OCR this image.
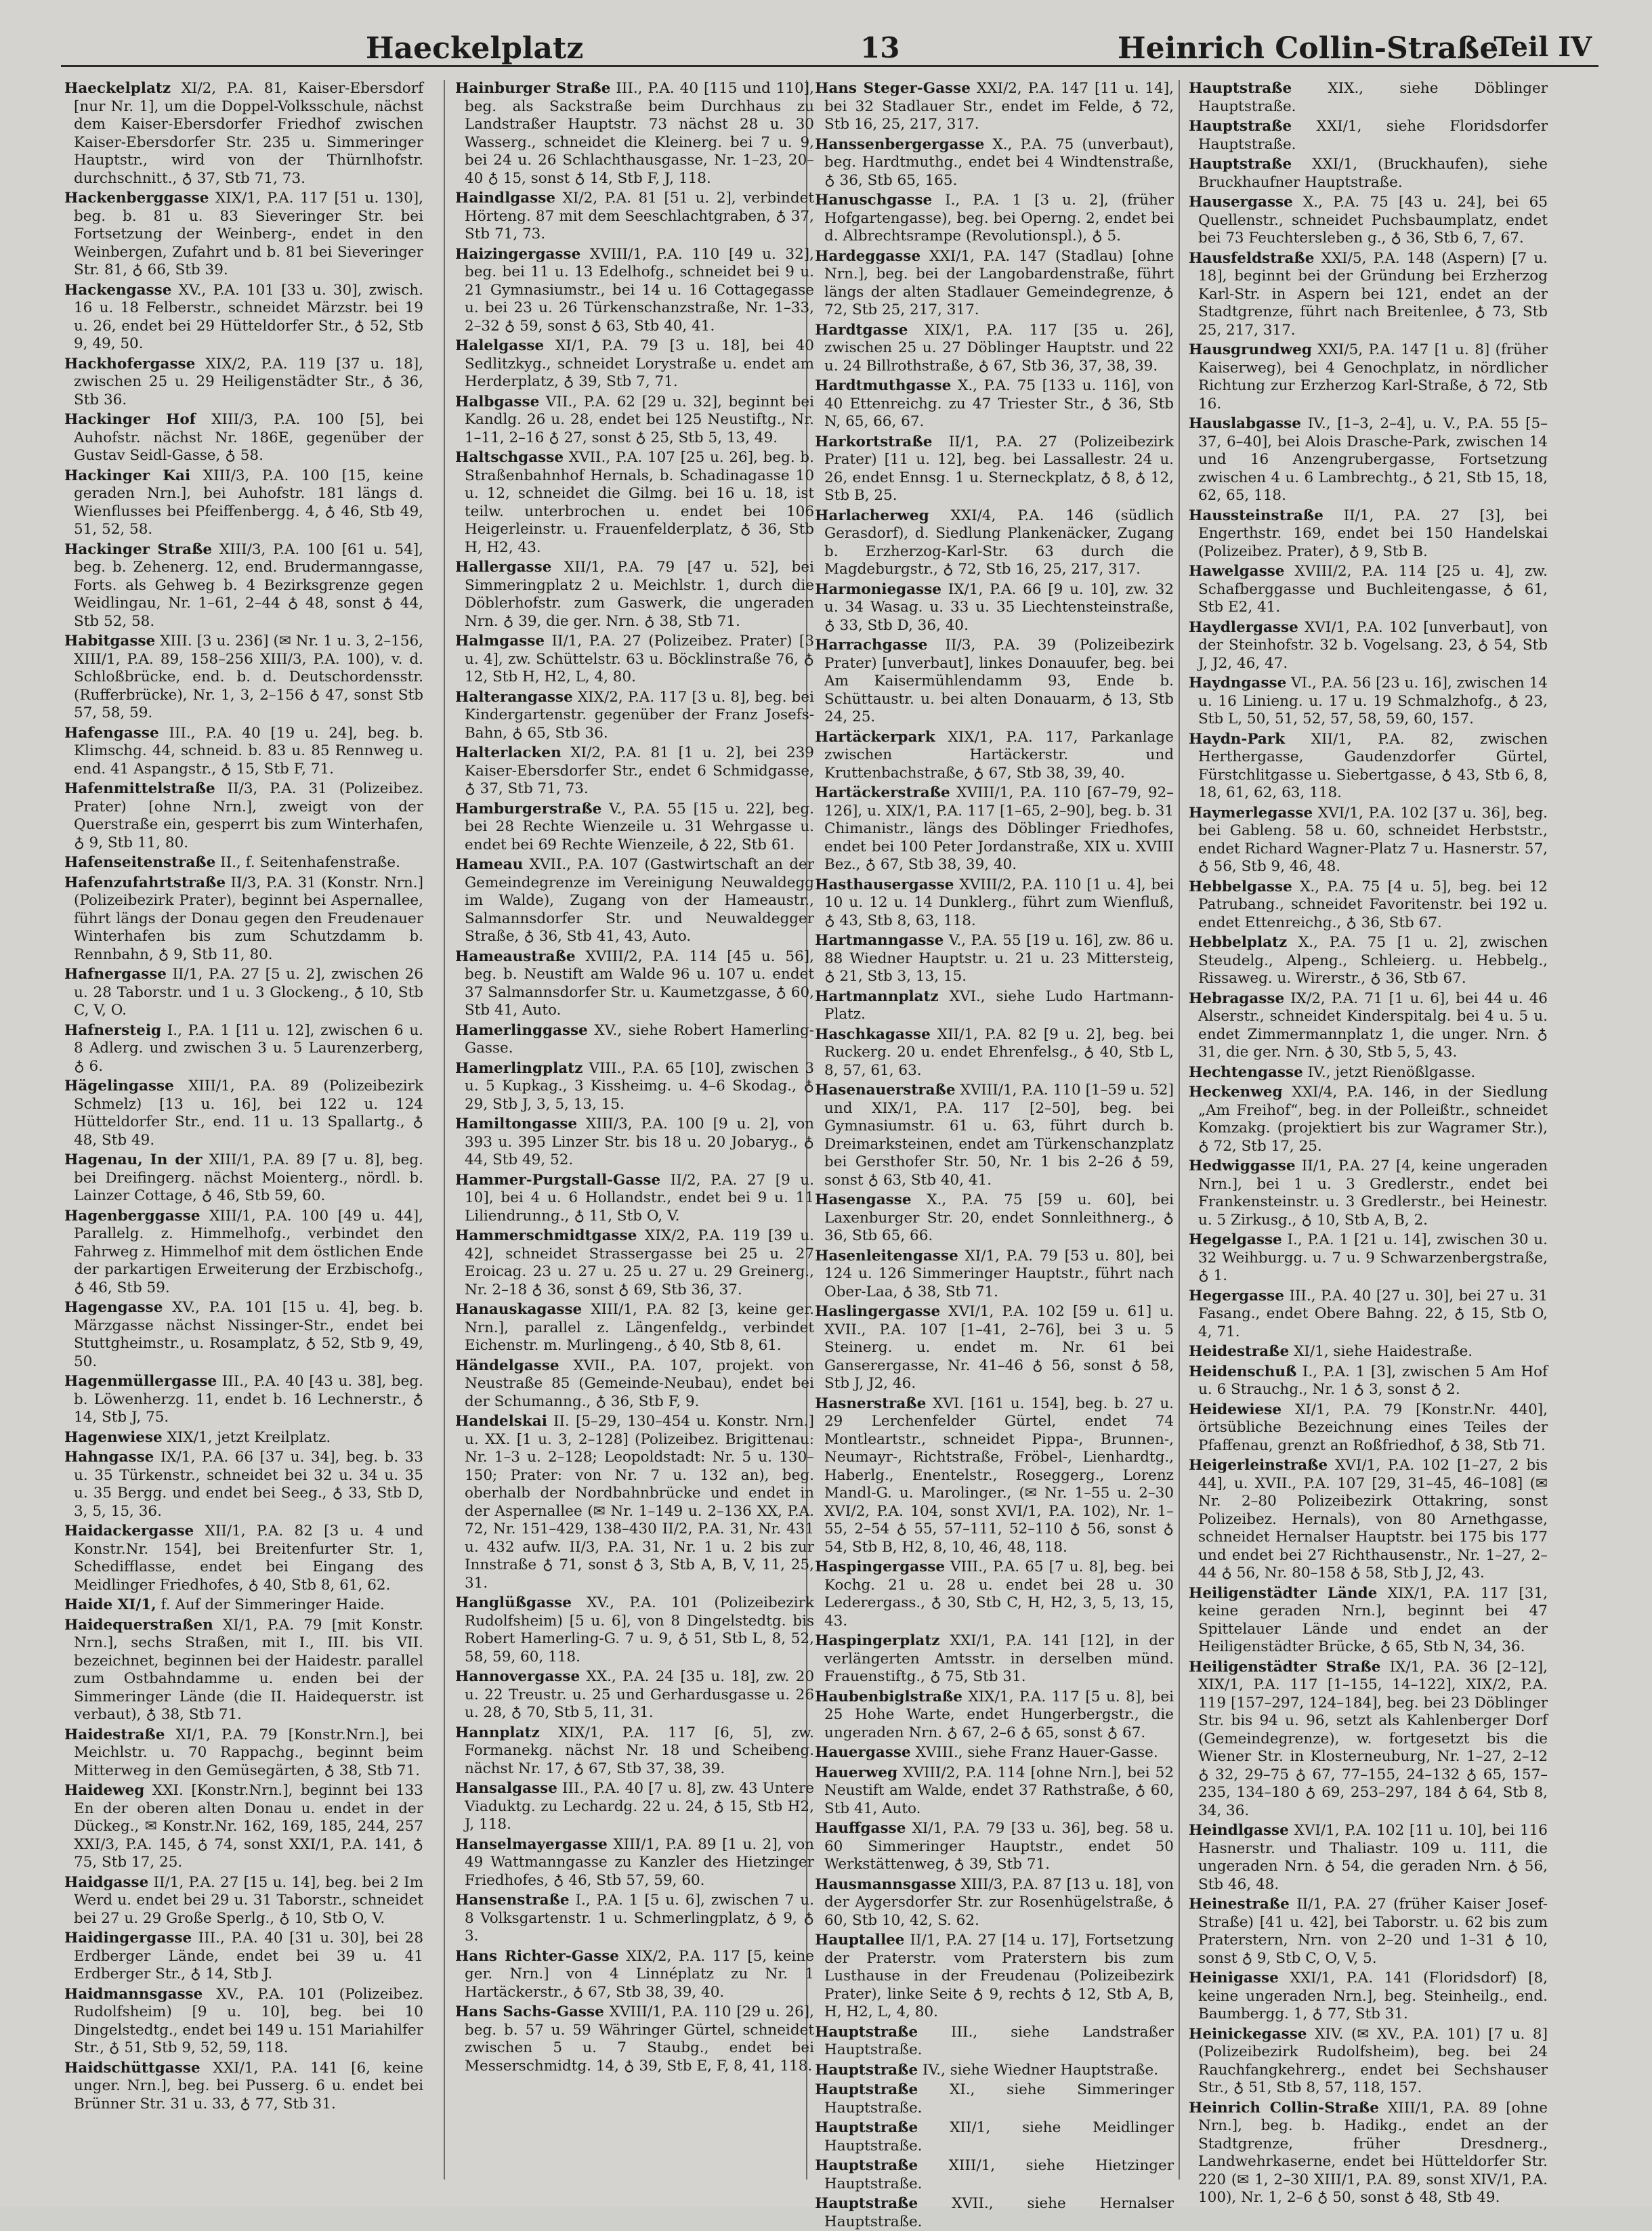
Haeckelplatz	13	Heinrich Collin-Straße
Teil IV
Haeckelplatz XI/2, P.A. 81, Kaiser-Ebersdorf [nur Nr. 1], um die Doppel-Volksschule, nächst dem Kaiser-Ebersdorfer Friedhof zwischen Kaiser-Ebersdorfer Str. 235 u. Simmeringer Hauptstr., wird von der Thürnlhofstr. durchschnitt., ♁ 37, Stb 71, 73.
Hackenberggasse XIX/1, P.A. 117 [51 u. 130], beg. b. 81 u. 83 Sieveringer Str. bei Fortsetzung der Weinberg-, endet in den Weinbergen, Zufahrt und b. 81 bei Sieveringer Str. 81, ♁ 66, Stb 39.
Hackengasse XV., P.A. 101 [33 u. 30], zwisch. 16 u. 18 Felberstr., schneidet Märzstr. bei 19 u. 26, endet bei 29 Hütteldorfer Str., ♁ 52, Stb 9, 49, 50.
Hackhofergasse XIX/2, P.A. 119 [37 u. 18], zwischen 25 u. 29 Heiligenstädter Str., ♁ 36, Stb 36.
Hackinger Hof XIII/3, P.A. 100 [5], bei Auhofstr. nächst Nr. 186E, gegenüber der Gustav Seidl-Gasse, ♁ 58.
Hackinger Kai XIII/3, P.A. 100 [15, keine geraden Nrn.], bei Auhofstr. 181 längs d. Wienflusses bei Pfeiffenbergg. 4, ♁ 46, Stb 49, 51, 52, 58.
Hackinger Straße XIII/3, P.A. 100 [61 u. 54], beg. b. Zehenerg. 12, end. Brudermanngasse, Forts. als Gehweg b. 4 Bezirksgrenze gegen Weidlingau, Nr. 1–61, 2–44 ♁ 48, sonst ♁ 44, Stb 52, 58.
Habitgasse XIII. [3 u. 236] (✉ Nr. 1 u. 3, 2–156, XIII/1, P.A. 89, 158–256 XIII/3, P.A. 100), v. d. Schloßbrücke, end. b. d. Deutschordensstr. (Rufferbrücke), Nr. 1, 3, 2–156 ♁ 47, sonst Stb 57, 58, 59.
Hafengasse III., P.A. 40 [19 u. 24], beg. b. Klimschg. 44, schneid. b. 83 u. 85 Rennweg u. end. 41 Aspangstr., ♁ 15, Stb F, 71.
Hafenmittelstraße II/3, P.A. 31 (Polizeibez. Prater) [ohne Nrn.], zweigt von der Querstraße ein, gesperrt bis zum Winterhafen, ♁ 9, Stb 11, 80.
Hafenseitenstraße II., f. Seitenhafenstraße.
Hafenzufahrtstraße II/3, P.A. 31 (Konstr. Nrn.] (Polizeibezirk Prater), beginnt bei Aspernallee, führt längs der Donau gegen den Freudenauer Winterhafen bis zum Schutzdamm b. Rennbahn, ♁ 9, Stb 11, 80.
Hafnergasse II/1, P.A. 27 [5 u. 2], zwischen 26 u. 28 Taborstr. und 1 u. 3 Glockeng., ♁ 10, Stb C, V, O.
Hafnersteig I., P.A. 1 [11 u. 12], zwischen 6 u. 8 Adlerg. und zwischen 3 u. 5 Laurenzerberg, ♁ 6.
Hägelingasse XIII/1, P.A. 89 (Polizeibezirk Schmelz) [13 u. 16], bei 122 u. 124 Hütteldorfer Str., end. 11 u. 13 Spallartg., ♁ 48, Stb 49.
Hagenau, In der XIII/1, P.A. 89 [7 u. 8], beg. bei Dreifingerg. nächst Moienterg., nördl. b. Lainzer Cottage, ♁ 46, Stb 59, 60.
Hagenberggasse XIII/1, P.A. 100 [49 u. 44], Parallelg. z. Himmelhofg., verbindet den Fahrweg z. Himmelhof mit dem östlichen Ende der parkartigen Erweiterung der Erzbischofg., ♁ 46, Stb 59.
Hagengasse XV., P.A. 101 [15 u. 4], beg. b. Märzgasse nächst Nissinger-Str., endet bei Stuttgheimstr., u. Rosamplatz, ♁ 52, Stb 9, 49, 50.
Hagenmüllergasse III., P.A. 40 [43 u. 38], beg. b. Löwenherzg. 11, endet b. 16 Lechnerstr., ♁ 14, Stb J, 75.
Hagenwiese XIX/1, jetzt Kreilplatz.
Hahngasse IX/1, P.A. 66 [37 u. 34], beg. b. 33 u. 35 Türkenstr., schneidet bei 32 u. 34 u. 35 u. 35 Bergg. und endet bei Seeg., ♁ 33, Stb D, 3, 5, 15, 36.
Haidackergasse XII/1, P.A. 82 [3 u. 4 und Konstr.Nr. 154], bei Breitenfurter Str. 1, Schedifflasse, endet bei Eingang des Meidlinger Friedhofes, ♁ 40, Stb 8, 61, 62.
Haide XI/1, f. Auf der Simmeringer Haide.
Haidequerstraßen XI/1, P.A. 79 [mit Konstr. Nrn.], sechs Straßen, mit I., III. bis VII. bezeichnet, beginnen bei der Haidestr. parallel zum Ostbahndamme u. enden bei der Simmeringer Lände (die II. Haidequerstr. ist verbaut), ♁ 38, Stb 71.
Haidestraße XI/1, P.A. 79 [Konstr.Nrn.], bei Meichlstr. u. 70 Rappachg., beginnt beim Mitterweg in den Gemüsegärten, ♁ 38, Stb 71.
Haideweg XXI. [Konstr.Nrn.], beginnt bei 133 En der oberen alten Donau u. endet in der Dückeg., ✉ Konstr.Nr. 162, 169, 185, 244, 257 XXI/3, P.A. 145, ♁ 74, sonst XXI/1, P.A. 141, ♁ 75, Stb 17, 25.
Haidgasse II/1, P.A. 27 [15 u. 14], beg. bei 2 Im Werd u. endet bei 29 u. 31 Taborstr., schneidet bei 27 u. 29 Große Sperlg., ♁ 10, Stb O, V.
Haidingergasse III., P.A. 40 [31 u. 30], bei 28 Erdberger Lände, endet bei 39 u. 41 Erdberger Str., ♁ 14, Stb J.
Haidmannsgasse XV., P.A. 101 (Polizeibez. Rudolfsheim) [9 u. 10], beg. bei 10 Dingelstedtg., endet bei 149 u. 151 Mariahilfer Str., ♁ 51, Stb 9, 52, 59, 118.
Haidschüttgasse XXI/1, P.A. 141 [6, keine unger. Nrn.], beg. bei Pusserg. 6 u. endet bei Brünner Str. 31 u. 33, ♁ 77, Stb 31.
Hainburger Straße III., P.A. 40 [115 und 110], beg. als Sackstraße beim Durchhaus zu Landstraßer Hauptstr. 73 nächst 28 u. 30 Wasserg., schneidet die Kleinerg. bei 7 u. 9, bei 24 u. 26 Schlachthausgasse, Nr. 1–23, 20–40 ♁ 15, sonst ♁ 14, Stb F, J, 118.
Haindlgasse XI/2, P.A. 81 [51 u. 2], verbindet Hörteng. 87 mit dem Seeschlachtgraben, ♁ 37, Stb 71, 73.
Haizingergasse XVIII/1, P.A. 110 [49 u. 32], beg. bei 11 u. 13 Edelhofg., schneidet bei 9 u. 21 Gymnasiumstr., bei 14 u. 16 Cottagegasse u. bei 23 u. 26 Türkenschanzstraße, Nr. 1–33, 2–32 ♁ 59, sonst ♁ 63, Stb 40, 41.
Halelgasse XI/1, P.A. 79 [3 u. 18], bei 40 Sedlitzkyg., schneidet Lorystraße u. endet am Herderplatz, ♁ 39, Stb 7, 71.
Halbgasse VII., P.A. 62 [29 u. 32], beginnt bei Kandlg. 26 u. 28, endet bei 125 Neustiftg., Nr. 1–11, 2–16 ♁ 27, sonst ♁ 25, Stb 5, 13, 49.
Haltschgasse XVII., P.A. 107 [25 u. 26], beg. b. Straßenbahnhof Hernals, b. Schadinagasse 10 u. 12, schneidet die Gilmg. bei 16 u. 18, ist teilw. unterbrochen u. endet bei 106 Heigerleinstr. u. Frauenfelderplatz, ♁ 36, Stb H, H2, 43.
Hallergasse XII/1, P.A. 79 [47 u. 52], bei Simmeringplatz 2 u. Meichlstr. 1, durch die Döblerhofstr. zum Gaswerk, die ungeraden Nrn. ♁ 39, die ger. Nrn. ♁ 38, Stb 71.
Halmgasse II/1, P.A. 27 (Polizeibez. Prater) [3 u. 4], zw. Schüttelstr. 63 u. Böcklinstraße 76, ♁ 12, Stb H, H2, L, 4, 80.
Halterangasse XIX/2, P.A. 117 [3 u. 8], beg. bei Kindergartenstr. gegenüber der Franz Josefs-Bahn, ♁ 65, Stb 36.
Halterlacken XI/2, P.A. 81 [1 u. 2], bei 239 Kaiser-Ebersdorfer Str., endet 6 Schmidgasse, ♁ 37, Stb 71, 73.
Hamburgerstraße V., P.A. 55 [15 u. 22], beg. bei 28 Rechte Wienzeile u. 31 Wehrgasse u. endet bei 69 Rechte Wienzeile, ♁ 22, Stb 61.
Hameau XVII., P.A. 107 (Gastwirtschaft an der Gemeindegrenze im Vereinigung Neuwaldegg im Walde), Zugang von der Hameaustr., Salmannsdorfer Str. und Neuwaldegger Straße, ♁ 36, Stb 41, 43, Auto.
Hameaustraße XVIII/2, P.A. 114 [45 u. 56], beg. b. Neustift am Walde 96 u. 107 u. endet 37 Salmannsdorfer Str. u. Kaumetzgasse, ♁ 60, Stb 41, Auto.
Hamerlinggasse XV., siehe Robert Hamerling-Gasse.
Hamerlingplatz VIII., P.A. 65 [10], zwischen 3 u. 5 Kupkag., 3 Kissheimg. u. 4–6 Skodag., ♁ 29, Stb J, 3, 5, 13, 15.
Hamiltongasse XIII/3, P.A. 100 [9 u. 2], von 393 u. 395 Linzer Str. bis 18 u. 20 Jobaryg., ♁ 44, Stb 49, 52.
Hammer-Purgstall-Gasse II/2, P.A. 27 [9 u. 10], bei 4 u. 6 Hollandstr., endet bei 9 u. 11 Liliendrunng., ♁ 11, Stb O, V.
Hammerschmidtgasse XIX/2, P.A. 119 [39 u. 42], schneidet Strassergasse bei 25 u. 27 Eroicag. 23 u. 27 u. 25 u. 27 u. 29 Greinerg., Nr. 2–18 ♁ 36, sonst ♁ 69, Stb 36, 37.
Hanauskagasse XIII/1, P.A. 82 [3, keine ger. Nrn.], parallel z. Längenfeldg., verbindet Eichenstr. m. Murlingeng., ♁ 40, Stb 8, 61.
Händelgasse XVII., P.A. 107, projekt. von Neustraße 85 (Gemeinde-Neubau), endet bei der Schumanng., ♁ 36, Stb F, 9.
Handelskai II. [5–29, 130–454 u. Konstr. Nrn.] u. XX. [1 u. 3, 2–128] (Polizeibez. Brigittenau: Nr. 1–3 u. 2–128; Leopoldstadt: Nr. 5 u. 130–150; Prater: von Nr. 7 u. 132 an), beg. oberhalb der Nordbahnbrücke und endet in der Aspernallee (✉ Nr. 1–149 u. 2–136 XX, P.A. 72, Nr. 151–429, 138–430 II/2, P.A. 31, Nr. 431 u. 432 aufw. II/3, P.A. 31, Nr. 1 u. 2 bis zur Innstraße ♁ 71, sonst ♁ 3, Stb A, B, V, 11, 25, 31.
Hanglüßgasse XV., P.A. 101 (Polizeibezirk Rudolfsheim) [5 u. 6], von 8 Dingelstedtg. bis Robert Hamerling-G. 7 u. 9, ♁ 51, Stb L, 8, 52, 58, 59, 60, 118.
Hannovergasse XX., P.A. 24 [35 u. 18], zw. 20 u. 22 Treustr. u. 25 und Gerhardusgasse u. 26 u. 28, ♁ 70, Stb 5, 11, 31.
Hannplatz XIX/1, P.A. 117 [6, 5], zw. Formanekg. nächst Nr. 18 und Scheibeng. nächst Nr. 17, ♁ 67, Stb 37, 38, 39.
Hansalgasse III., P.A. 40 [7 u. 8], zw. 43 Untere Viaduktg. zu Lechardg. 22 u. 24, ♁ 15, Stb H2, J, 118.
Hanselmayergasse XIII/1, P.A. 89 [1 u. 2], von 49 Wattmanngasse zu Kanzler des Hietzinger Friedhofes, ♁ 46, Stb 57, 59, 60.
Hansenstraße I., P.A. 1 [5 u. 6], zwischen 7 u. 8 Volksgartenstr. 1 u. Schmerlingplatz, ♁ 9, ♁ 3.
Hans Richter-Gasse XIX/2, P.A. 117 [5, keine ger. Nrn.] von 4 Linnéplatz zu Nr. 1 Hartäckerstr., ♁ 67, Stb 38, 39, 40.
Hans Sachs-Gasse XVIII/1, P.A. 110 [29 u. 26], beg. b. 57 u. 59 Währinger Gürtel, schneidet zwischen 5 u. 7 Staubg., endet bei Messerschmidtg. 14, ♁ 39, Stb E, F, 8, 41, 118.
Hans Steger-Gasse XXI/2, P.A. 147 [11 u. 14], bei 32 Stadlauer Str., endet im Felde, ♁ 72, Stb 16, 25, 217, 317.
Hanssenbergergasse X., P.A. 75 (unverbaut), beg. Hardtmuthg., endet bei 4 Windtenstraße, ♁ 36, Stb 65, 165.
Hanuschgasse I., P.A. 1 [3 u. 2], (früher Hofgartengasse), beg. bei Operng. 2, endet bei d. Albrechtsrampe (Revolutionspl.), ♁ 5.
Hardeggasse XXI/1, P.A. 147 (Stadlau) [ohne Nrn.], beg. bei der Langobardenstraße, führt längs der alten Stadlauer Gemeindegrenze, ♁ 72, Stb 25, 217, 317.
Hardtgasse XIX/1, P.A. 117 [35 u. 26], zwischen 25 u. 27 Döblinger Hauptstr. und 22 u. 24 Billrothstraße, ♁ 67, Stb 36, 37, 38, 39.
Hardtmuthgasse X., P.A. 75 [133 u. 116], von 40 Ettenreichg. zu 47 Triester Str., ♁ 36, Stb N, 65, 66, 67.
Harkortstraße II/1, P.A. 27 (Polizeibezirk Prater) [11 u. 12], beg. bei Lassallestr. 24 u. 26, endet Ennsg. 1 u. Sterneckplatz, ♁ 8, ♁ 12, Stb B, 25.
Harlacherweg XXI/4, P.A. 146 (südlich Gerasdorf), d. Siedlung Plankenäcker, Zugang b. Erzherzog-Karl-Str. 63 durch die Magdeburgstr., ♁ 72, Stb 16, 25, 217, 317.
Harmoniegasse IX/1, P.A. 66 [9 u. 10], zw. 32 u. 34 Wasag. u. 33 u. 35 Liechtensteinstraße, ♁ 33, Stb D, 36, 40.
Harrachgasse II/3, P.A. 39 (Polizeibezirk Prater) [unverbaut], linkes Donauufer, beg. bei Am Kaisermühlendamm 93, Ende b. Schüttaustr. u. bei alten Donauarm, ♁ 13, Stb 24, 25.
Hartäckerpark XIX/1, P.A. 117, Parkanlage zwischen Hartäckerstr. und Kruttenbachstraße, ♁ 67, Stb 38, 39, 40.
Hartäckerstraße XVIII/1, P.A. 110 [67–79, 92–126], u. XIX/1, P.A. 117 [1–65, 2–90], beg. b. 31 Chimanistr., längs des Döblinger Friedhofes, endet bei 100 Peter Jordanstraße, XIX u. XVIII Bez., ♁ 67, Stb 38, 39, 40.
Hasthausergasse XVIII/2, P.A. 110 [1 u. 4], bei 10 u. 12 u. 14 Dunklerg., führt zum Wienfluß, ♁ 43, Stb 8, 63, 118.
Hartmanngasse V., P.A. 55 [19 u. 16], zw. 86 u. 88 Wiedner Hauptstr. u. 21 u. 23 Mittersteig, ♁ 21, Stb 3, 13, 15.
Hartmannplatz XVI., siehe Ludo Hartmann-Platz.
Haschkagasse XII/1, P.A. 82 [9 u. 2], beg. bei Ruckerg. 20 u. endet Ehrenfelsg., ♁ 40, Stb L, 8, 57, 61, 63.
Hasenauerstraße XVIII/1, P.A. 110 [1–59 u. 52] und XIX/1, P.A. 117 [2–50], beg. bei Gymnasiumstr. 61 u. 63, führt durch b. Dreimarksteinen, endet am Türkenschanzplatz bei Gersthofer Str. 50, Nr. 1 bis 2–26 ♁ 59, sonst ♁ 63, Stb 40, 41.
Hasengasse X., P.A. 75 [59 u. 60], bei Laxenburger Str. 20, endet Sonnleithnerg., ♁ 36, Stb 65, 66.
Hasenleitengasse XI/1, P.A. 79 [53 u. 80], bei 124 u. 126 Simmeringer Hauptstr., führt nach Ober-Laa, ♁ 38, Stb 71.
Haslingergasse XVI/1, P.A. 102 [59 u. 61] u. XVII., P.A. 107 [1–41, 2–76], bei 3 u. 5 Steinerg. u. endet m. Nr. 61 bei Ganserergasse, Nr. 41–46 ♁ 56, sonst ♁ 58, Stb J, J2, 46.
Hasnerstraße XVI. [161 u. 154], beg. b. 27 u. 29 Lerchenfelder Gürtel, endet 74 Montleartstr., schneidet Pippa-, Brunnen-, Neumayr-, Richtstraße, Fröbel-, Lienhardtg., Haberlg., Enentelstr., Roseggerg., Lorenz Mandl-G. u. Marolinger., (✉ Nr. 1–55 u. 2–30 XVI/2, P.A. 104, sonst XVI/1, P.A. 102), Nr. 1–55, 2–54 ♁ 55, 57–111, 52–110 ♁ 56, sonst ♁ 54, Stb B, H2, 8, 10, 46, 48, 118.
Haspingergasse VIII., P.A. 65 [7 u. 8], beg. bei Kochg. 21 u. 28 u. endet bei 28 u. 30 Lederergass., ♁ 30, Stb C, H, H2, 3, 5, 13, 15, 43.
Haspingerplatz XXI/1, P.A. 141 [12], in der verlängerten Amtsstr. in derselben münd. Frauenstiftg., ♁ 75, Stb 31.
Haubenbiglstraße XIX/1, P.A. 117 [5 u. 8], bei 25 Hohe Warte, endet Hungerbergstr., die ungeraden Nrn. ♁ 67, 2–6 ♁ 65, sonst ♁ 67.
Hauergasse XVIII., siehe Franz Hauer-Gasse.
Hauerweg XVIII/2, P.A. 114 [ohne Nrn.], bei 52 Neustift am Walde, endet 37 Rathstraße, ♁ 60, Stb 41, Auto.
Hauffgasse XI/1, P.A. 79 [33 u. 36], beg. 58 u. 60 Simmeringer Hauptstr., endet 50 Werkstättenweg, ♁ 39, Stb 71.
Hausmannsgasse XIII/3, P.A. 87 [13 u. 18], von der Aygersdorfer Str. zur Rosenhügelstraße, ♁ 60, Stb 10, 42, S. 62.
Hauptallee II/1, P.A. 27 [14 u. 17], Fortsetzung der Praterstr. vom Praterstern bis zum Lusthause in der Freudenau (Polizeibezirk Prater), linke Seite ♁ 9, rechts ♁ 12, Stb A, B, H, H2, L, 4, 80.
Hauptstraße III., siehe Landstraßer Hauptstraße.
Hauptstraße IV., siehe Wiedner Hauptstraße.
Hauptstraße XI., siehe Simmeringer Hauptstraße.
Hauptstraße XII/1, siehe Meidlinger Hauptstraße.
Hauptstraße XIII/1, siehe Hietzinger Hauptstraße.
Hauptstraße XVII., siehe Hernalser Hauptstraße.
Hauptstraße XIX., siehe Döblinger Hauptstraße.
Hauptstraße XXI/1, siehe Floridsdorfer Hauptstraße.
Hauptstraße XXI/1, (Bruckhaufen), siehe Bruckhaufner Hauptstraße.
Hausergasse X., P.A. 75 [43 u. 24], bei 65 Quellenstr., schneidet Puchsbaumplatz, endet bei 73 Feuchtersleben g., ♁ 36, Stb 6, 7, 67.
Hausfeldstraße XXI/5, P.A. 148 (Aspern) [7 u. 18], beginnt bei der Gründung bei Erzherzog Karl-Str. in Aspern bei 121, endet an der Stadtgrenze, führt nach Breitenlee, ♁ 73, Stb 25, 217, 317.
Hausgrundweg XXI/5, P.A. 147 [1 u. 8] (früher Kaiserweg), bei 4 Genochplatz, in nördlicher Richtung zur Erzherzog Karl-Straße, ♁ 72, Stb 16.
Hauslabgasse IV., [1–3, 2–4], u. V., P.A. 55 [5–37, 6–40], bei Alois Drasche-Park, zwischen 14 und 16 Anzengrubergasse, Fortsetzung zwischen 4 u. 6 Lambrechtg., ♁ 21, Stb 15, 18, 62, 65, 118.
Haussteinstraße II/1, P.A. 27 [3], bei Engerthstr. 169, endet bei 150 Handelskai (Polizeibez. Prater), ♁ 9, Stb B.
Hawelgasse XVIII/2, P.A. 114 [25 u. 4], zw. Schafberggasse und Buchleitengasse, ♁ 61, Stb E2, 41.
Haydlergasse XVI/1, P.A. 102 [unverbaut], von der Steinhofstr. 32 b. Vogelsang. 23, ♁ 54, Stb J, J2, 46, 47.
Haydngasse VI., P.A. 56 [23 u. 16], zwischen 14 u. 16 Linieng. u. 17 u. 19 Schmalzhofg., ♁ 23, Stb L, 50, 51, 52, 57, 58, 59, 60, 157.
Haydn-Park XII/1, P.A. 82, zwischen Herthergasse, Gaudenzdorfer Gürtel, Fürstchlitgasse u. Siebertgasse, ♁ 43, Stb 6, 8, 18, 61, 62, 63, 118.
Haymerlegasse XVI/1, P.A. 102 [37 u. 36], beg. bei Gableng. 58 u. 60, schneidet Herbststr., endet Richard Wagner-Platz 7 u. Hasnerstr. 57, ♁ 56, Stb 9, 46, 48.
Hebbelgasse X., P.A. 75 [4 u. 5], beg. bei 12 Patrubang., schneidet Favoritenstr. bei 192 u. endet Ettenreichg., ♁ 36, Stb 67.
Hebbelplatz X., P.A. 75 [1 u. 2], zwischen Steudelg., Alpeng., Schleierg. u. Hebbelg., Rissaweg. u. Wirerstr., ♁ 36, Stb 67.
Hebragasse IX/2, P.A. 71 [1 u. 6], bei 44 u. 46 Alserstr., schneidet Kinderspitalg. bei 4 u. 5 u. endet Zimmermannplatz 1, die unger. Nrn. ♁ 31, die ger. Nrn. ♁ 30, Stb 5, 5, 43.
Hechtengasse IV., jetzt Rienößlgasse.
Heckenweg XXI/4, P.A. 146, in der Siedlung „Am Freihof“, beg. in der Polleißtr., schneidet Komzakg. (projektiert bis zur Wagramer Str.), ♁ 72, Stb 17, 25.
Hedwiggasse II/1, P.A. 27 [4, keine ungeraden Nrn.], bei 1 u. 3 Gredlerstr., endet bei Frankensteinstr. u. 3 Gredlerstr., bei Heinestr. u. 5 Zirkusg., ♁ 10, Stb A, B, 2.
Hegelgasse I., P.A. 1 [21 u. 14], zwischen 30 u. 32 Weihburgg. u. 7 u. 9 Schwarzenbergstraße, ♁ 1.
Hegergasse III., P.A. 40 [27 u. 30], bei 27 u. 31 Fasang., endet Obere Bahng. 22, ♁ 15, Stb O, 4, 71.
Heidestraße XI/1, siehe Haidestraße.
Heidenschuß I., P.A. 1 [3], zwischen 5 Am Hof u. 6 Strauchg., Nr. 1 ♁ 3, sonst ♁ 2.
Heidewiese XI/1, P.A. 79 [Konstr.Nr. 440], örtsübliche Bezeichnung eines Teiles der Pfaffenau, grenzt an Roßfriedhof, ♁ 38, Stb 71.
Heigerleinstraße XVI/1, P.A. 102 [1–27, 2 bis 44], u. XVII., P.A. 107 [29, 31–45, 46–108] (✉ Nr. 2–80 Polizeibezirk Ottakring, sonst Polizeibez. Hernals), von 80 Arnethgasse, schneidet Hernalser Hauptstr. bei 175 bis 177 und endet bei 27 Richthausenstr., Nr. 1–27, 2–44 ♁ 56, Nr. 80–158 ♁ 58, Stb J, J2, 43.
Heiligenstädter Lände XIX/1, P.A. 117 [31, keine geraden Nrn.], beginnt bei 47 Spittelauer Lände und endet an der Heiligenstädter Brücke, ♁ 65, Stb N, 34, 36.
Heiligenstädter Straße IX/1, P.A. 36 [2–12], XIX/1, P.A. 117 [1–155, 14–122], XIX/2, P.A. 119 [157–297, 124–184], beg. bei 23 Döblinger Str. bis 94 u. 96, setzt als Kahlenberger Dorf (Gemeindegrenze), w. fortgesetzt bis die Wiener Str. in Klosterneuburg, Nr. 1–27, 2–12 ♁ 32, 29–75 ♁ 67, 77–155, 24–132 ♁ 65, 157–235, 134–180 ♁ 69, 253–297, 184 ♁ 64, Stb 8, 34, 36.
Heindlgasse XVI/1, P.A. 102 [11 u. 10], bei 116 Hasnerstr. und Thaliastr. 109 u. 111, die ungeraden Nrn. ♁ 54, die geraden Nrn. ♁ 56, Stb 46, 48.
Heinestraße II/1, P.A. 27 (früher Kaiser Josef-Straße) [41 u. 42], bei Taborstr. u. 62 bis zum Praterstern, Nrn. von 2–20 und 1–31 ♁ 10, sonst ♁ 9, Stb C, O, V, 5.
Heinigasse XXI/1, P.A. 141 (Floridsdorf) [8, keine ungeraden Nrn.], beg. Steinheilg., end. Baumbergg. 1, ♁ 77, Stb 31.
Heinickegasse XIV. (✉ XV., P.A. 101) [7 u. 8] (Polizeibezirk Rudolfsheim), beg. bei 24 Rauchfangkehrerg., endet bei Sechshauser Str., ♁ 51, Stb 8, 57, 118, 157.
Heinrich Collin-Straße XIII/1, P.A. 89 [ohne Nrn.], beg. b. Hadikg., endet an der Stadtgrenze, früher Dresdnerg., Landwehrkaserne, endet bei Hütteldorfer Str. 220 (✉ 1, 2–30 XIII/1, P.A. 89, sonst XIV/1, P.A. 100), Nr. 1, 2–6 ♁ 50, sonst ♁ 48, Stb 49.
